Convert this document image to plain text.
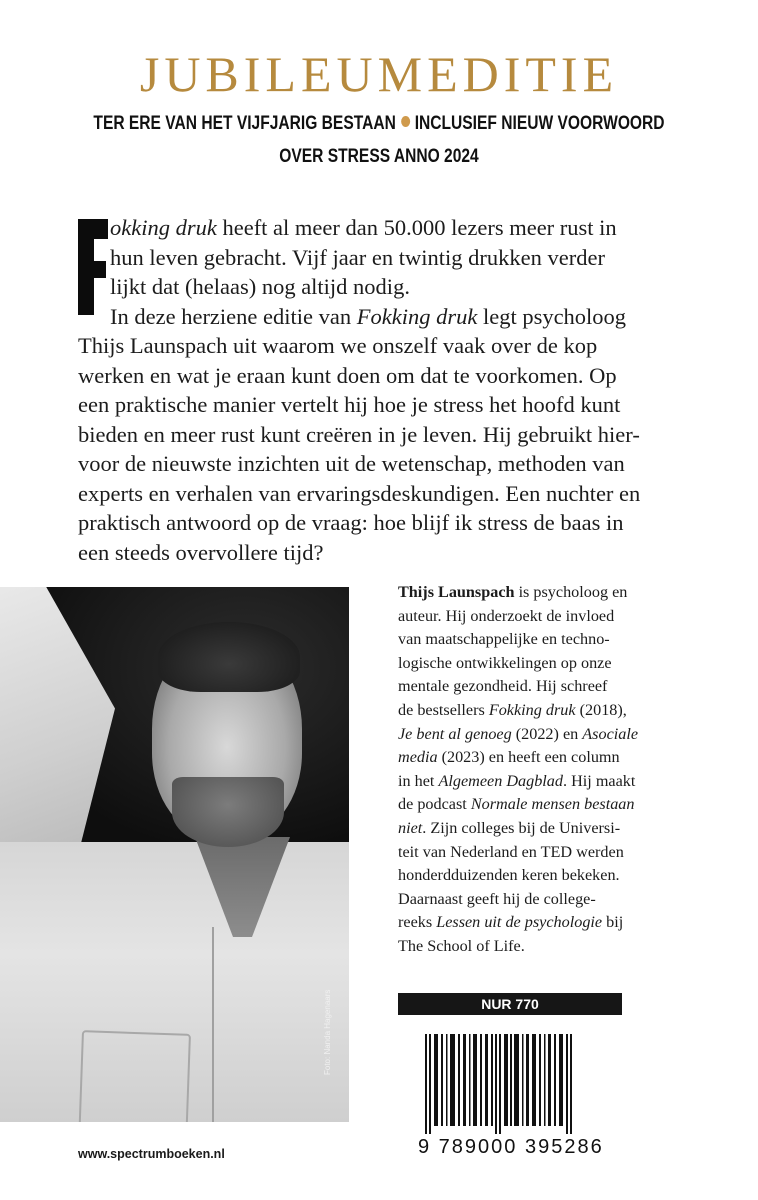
JUBILEUMEDITIE
TER ERE VAN HET VIJFJARIG BESTAAN INCLUSIEF NIEUW VOORWOORD
OVER STRESS ANNO 2024
okking druk heeft al meer dan 50.000 lezers meer rust in
hun leven gebracht. Vijf jaar en twintig drukken verder
lijkt dat (helaas) nog altijd nodig.
In deze herziene editie van Fokking druk legt psycholoog
Thijs Launspach uit waarom we onszelf vaak over de kop
werken en wat je eraan kunt doen om dat te voorkomen. Op
een praktische manier vertelt hij hoe je stress het hoofd kunt
bieden en meer rust kunt creëren in je leven. Hij gebruikt hier-
voor de nieuwste inzichten uit de wetenschap, methoden van
experts en verhalen van ervaringsdeskundigen. Een nuchter en
praktisch antwoord op de vraag: hoe blijf ik stress de baas in
een steeds overvollere tijd?
Foto: Nanda Hagenaars
Thijs Launspach is psycholoog en
auteur. Hij onderzoekt de invloed
van maatschappelijke en techno-
logische ontwikkelingen op onze
mentale gezondheid. Hij schreef
de bestsellers Fokking druk (2018),
Je bent al genoeg (2022) en Asociale
media (2023) en heeft een column
in het Algemeen Dagblad. Hij maakt
de podcast Normale mensen bestaan
niet. Zijn colleges bij de Universi-
teit van Nederland en TED werden
honderdduizenden keren bekeken.
Daarnaast geeft hij de college-
reeks Lessen uit de psychologie bij
The School of Life.
NUR 770
9 789000 395286
www.spectrumboeken.nl
